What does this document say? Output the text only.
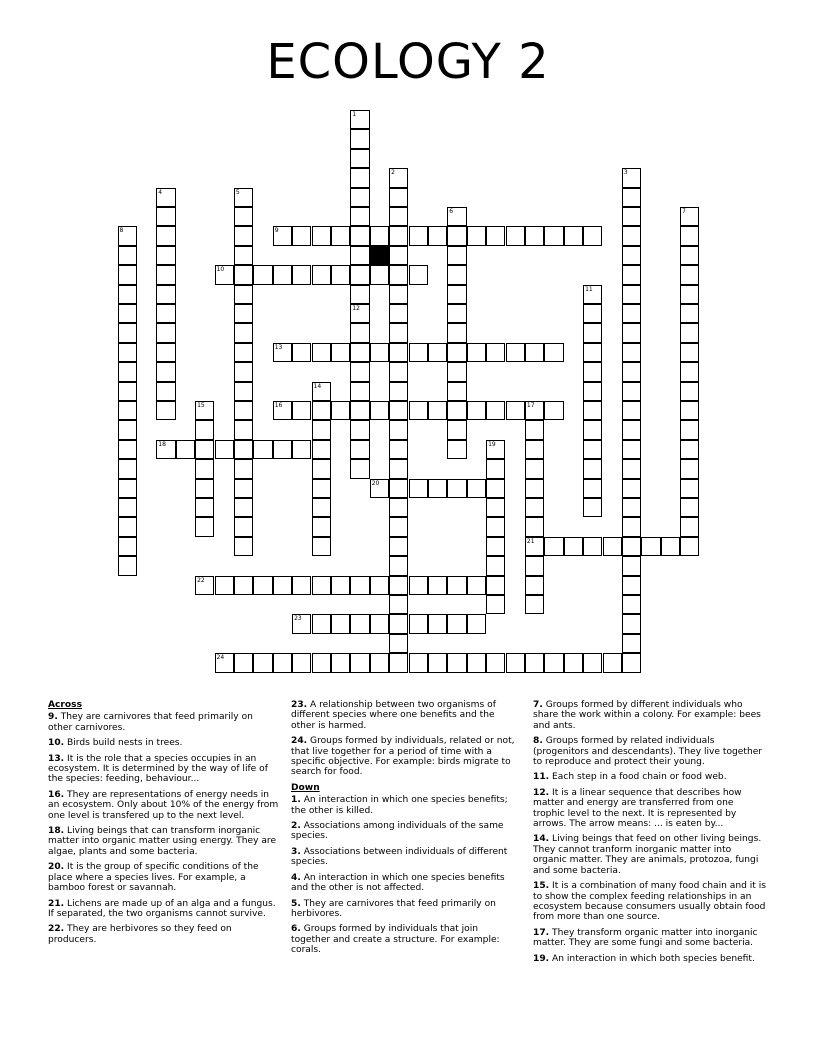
ECOLOGY 2
1
12
2	3
4	5
6	7
8	9
10
11
13
14
15	16	17
21
18	19
20
22
23
24
Across
9. They are carnivores that feed primarily on other carnivores.
10. Birds build nests in trees.
13. It is the role that a species occupies in an ecosystem. It is determined by the way of life of the species: feeding, behaviour...
16. They are representations of energy needs in an ecosystem. Only about 10% of the energy from one level is transfered up to the next level.
18. Living beings that can transform inorganic matter into organic matter using energy. They are algae, plants and some bacteria.
20. It is the group of specific conditions of the place where a species lives. For example, a bamboo forest or savannah.
21. Lichens are made up of an alga and a fungus. If separated, the two organisms cannot survive.
22. They are herbivores so they feed on producers.
23. A relationship between two organisms of different species where one benefits and the other is harmed.
24. Groups formed by individuals, related or not, that live together for a period of time with a specific objective. For example: birds migrate to search for food.
Down
1. An interaction in which one species benefits; the other is killed.
2. Associations among individuals of the same species.
3. Associations between individuals of different species.
4. An interaction in which one species benefits and the other is not affected.
5. They are carnivores that feed primarily on herbivores.
6. Groups formed by individuals that join together and create a structure. For example: corals.
7. Groups formed by different individuals who share the work within a colony. For example: bees and ants.
8. Groups formed by related individuals (progenitors and descendants). They live together to reproduce and protect their young.
11. Each step in a food chain or food web.
12. It is a linear sequence that describes how matter and energy are transferred from one trophic level to the next. It is represented by arrows. The arrow means: ... is eaten by...
14. Living beings that feed on other living beings. They cannot tranform inorganic matter into organic matter. They are animals, protozoa, fungi and some bacteria.
15. It is a combination of many food chain and it is to show the complex feeding relationships in an ecosystem because consumers usually obtain food from more than one source.
17. They transform organic matter into inorganic matter. They are some fungi and some bacteria.
19. An interaction in which both species benefit.
